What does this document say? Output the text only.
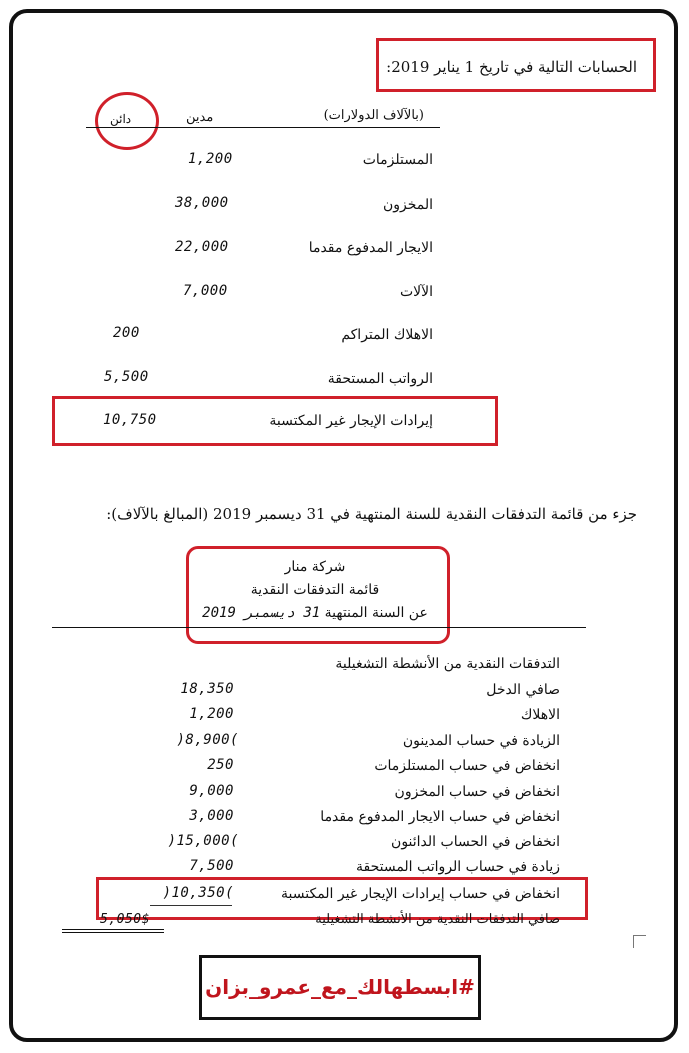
الحسابات التالية في تاريخ 1 يناير 2019:
(بالآلاف الدولارات)
مدين
دائن
المستلزمات
1,200
المخزون
38,000
الايجار المدفوع مقدما
22,000
الآلات
7,000
الاهلاك المتراكم
200
الرواتب المستحقة
5,500
إيرادات الإيجار غير المكتسبة
10,750
جزء من قائمة التدفقات النقدية للسنة المنتهية في 31 ديسمبر 2019 (المبالغ بالآلاف):
شركة منار
قائمة التدفقات النقدية
عن السنة المنتهية 31 ديسمبر 2019
التدفقات النقدية من الأنشطة التشغيلية
صافي الدخل
18,350
الاهلاك
1,200
الزيادة في حساب المدينون
)8,900(
انخفاض في حساب المستلزمات
250
انخفاض في حساب المخزون
9,000
انخفاض في حساب الايجار المدفوع مقدما
3,000
انخفاض في الحساب الدائنون
)15,000(
زيادة في حساب الرواتب المستحقة
7,500
انخفاض في حساب إيرادات الإيجار غير المكتسبة
)10,350(
صافي التدفقات النقدية من الأنشطة التشغيلية
5,050$
#ابسطهالك_مع_عمرو_بزان
